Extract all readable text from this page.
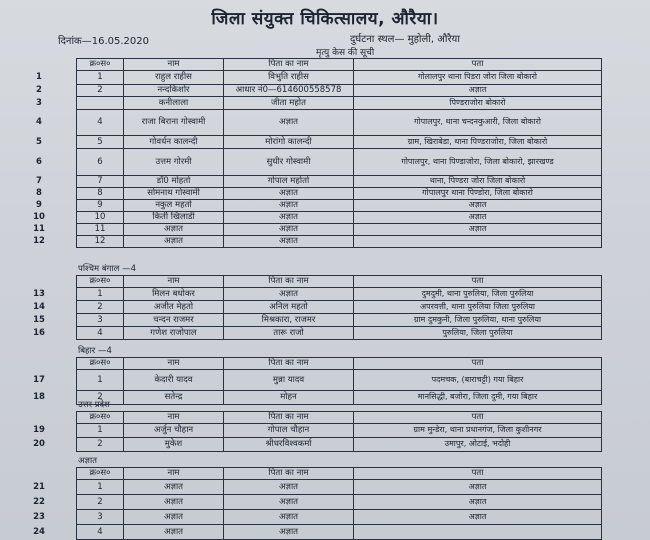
जिला संयुक्त चिकित्सालय, औरैया।
दिनांक—16.05.2020	दुर्घटना स्थल— मुहोली, औरैया
मृत्यु केस की सूची
क्र०स०	नाम	पिता का नाम	पता
1	राहुल राहीस	विभुति राहीस	गोलालपुर थाना पिडरा जोरा जिला बोकारो
2	नन्दकिशोर	आधार नं0—614600558578	अज्ञात
	कनीलाला	जीता महोत	पिण्डराजोरा बोकारो
4	राजा बिराना गोस्वामी	अज्ञात	गोपालपुर, थाना चन्दनकुआरी, जिला बोकारो
5	गोवर्धन कालन्दी	मोरांगो कालन्दी	ग्राम, खिराबेडा, थाना पिण्डराजोरा, जिला बोकारो
6	उत्तम गोरमी	सुधीर गोस्वामी	गोपालपुर, थाना पिण्डाजोरा, जिला बोकारो, झारखण्ड
7	डॉ0 मोहतो	गोपाल महोतो	थाना, पिण्डरा जोरा जिला बोकारो
8	सोमनाथ गोस्वामी	अज्ञात	गोपालपुर थाना पिण्डोरा, जिला बोकारो
9	नकुल महतो	अज्ञात	अज्ञात
10	किर्ती खिलाडी	अज्ञात	अज्ञात
11	अज्ञात	अज्ञात	अज्ञात
12	अज्ञात	अज्ञात	
पश्चिम बंगाल —4
क्र०स०	नाम	पिता का नाम	पता
1	मिलन बधोकर	अज्ञात	दुमदुमी, थाना पुरुलिया, जिला पुरुलिया
2	अजीत मेहतो	अनिल महतो	अपरवत्ती, थाना पुरुलिया जिला पुरुलिया
3	चन्दन राजमर	मिश्रकारा, राजमर	ग्राम दुमकुनी, जिला पुरुलिया, थाना पुरुलिया
4	गणेश राजोपाल	तारू राजो	पुरुलिया, जिला पुरुलिया
बिहार —4
क्र०स०	नाम	पिता का नाम	पता
1	केदारी यादव	मुन्ना यादव	पदमचक, (बाराचट्टी) गया बिहार
2	सतेन्द्र	मोहन	मानसिद्धी, बजोरा, जिला दुमी, गया बिहार
उत्तर प्रदेश
क्र०स०	नाम	पिता का नाम	पता
1	अर्जुन चौहान	गोपाल चौहान	ग्राम मुन्डेरा, थाना प्रधानगंज, जिला कुशीनगर
2	मुकेश	श्रीधरविश्वकर्मा	उमापुर, ओटाई, भदोही
अज्ञात
क्र०स०	नाम	पिता का नाम	पता
1	अज्ञात	अज्ञात	अज्ञात
2	अज्ञात	अज्ञात	अज्ञात
3	अज्ञात	अज्ञात	अज्ञात
4	अज्ञात	अज्ञात	
1
2
3
4
5
6
7
8
9
10
11
12
13
14
15
16
17
18
19
20
21
22
23
24
